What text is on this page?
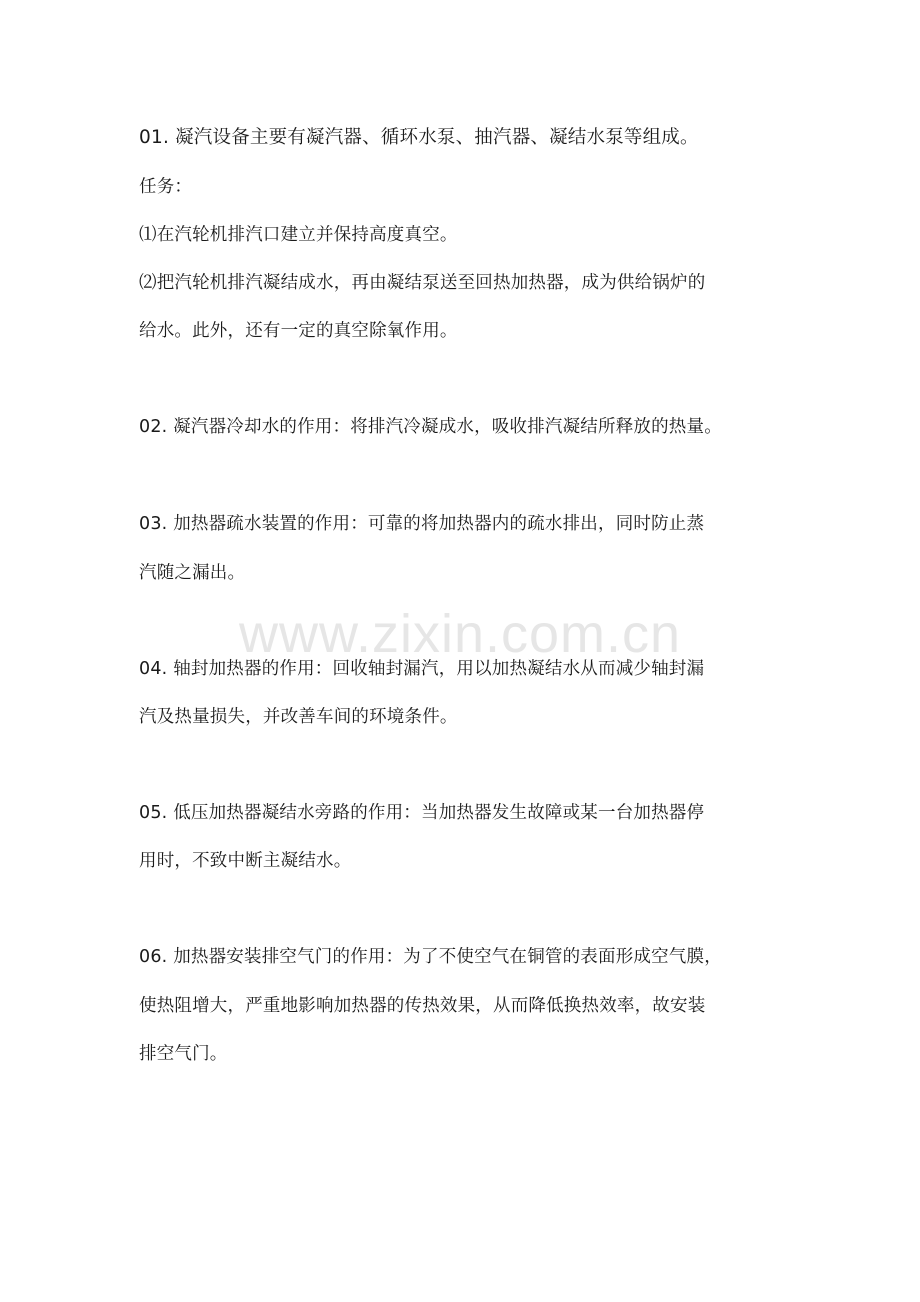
01. 凝汽设备主要有凝汽器、循环水泵、抽汽器、凝结水泵等组成。
任务：
⑴在汽轮机排汽口建立并保持高度真空。
⑵把汽轮机排汽凝结成水，再由凝结泵送至回热加热器，成为供给锅炉的
给水。此外，还有一定的真空除氧作用。
02. 凝汽器冷却水的作用：将排汽冷凝成水，吸收排汽凝结所释放的热量。
03. 加热器疏水装置的作用：可靠的将加热器内的疏水排出，同时防止蒸
汽随之漏出。
www.zixin.com.cn
04. 轴封加热器的作用：回收轴封漏汽，用以加热凝结水从而减少轴封漏
汽及热量损失，并改善车间的环境条件。
05. 低压加热器凝结水旁路的作用：当加热器发生故障或某一台加热器停
用时，不致中断主凝结水。
06. 加热器安装排空气门的作用：为了不使空气在铜管的表面形成空气膜，
使热阻增大，严重地影响加热器的传热效果，从而降低换热效率，故安装
排空气门。
